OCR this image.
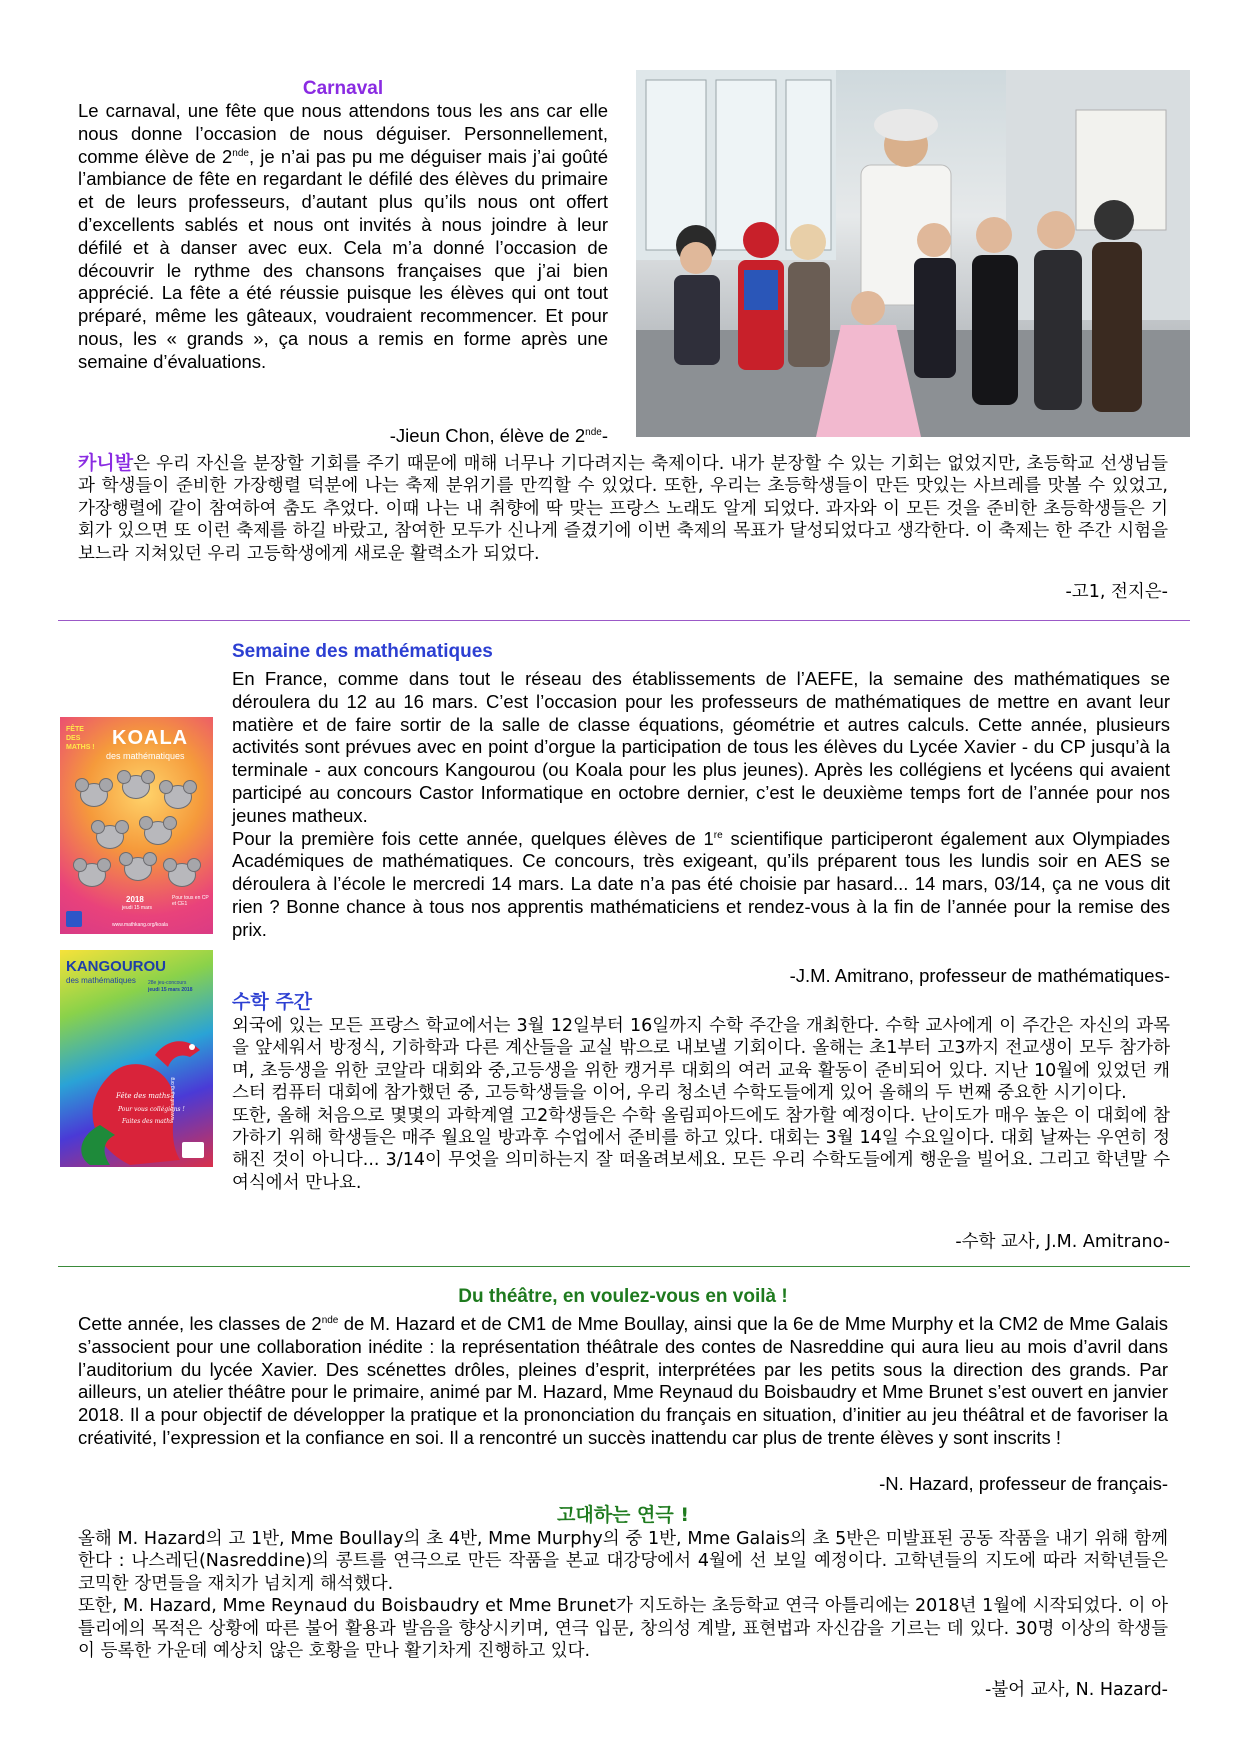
Carnaval
Le carnaval, une fête que nous attendons tous les ans car elle nous donne l’occasion de nous déguiser. Personnellement, comme élève de 2nde, je n’ai pas pu me déguiser mais j’ai goûté l’ambiance de fête en regardant le défilé des élèves du primaire et de leurs professeurs, d’autant plus qu’ils nous ont offert d’excellents sablés et nous ont invités à nous joindre à leur défilé et à danser avec eux. Cela m’a donné l’occasion de découvrir le rythme des chansons françaises que j’ai bien apprécié. La fête a été réussie puisque les élèves qui ont tout préparé, même les gâteaux, voudraient recommencer. Et pour nous, les « grands », ça nous a remis en forme après une semaine d’évaluations.
-Jieun Chon, élève de 2nde-
카니발은 우리 자신을 분장할 기회를 주기 때문에 매해 너무나 기다려지는 축제이다. 내가 분장할 수 있는 기회는 없었지만, 초등학교 선생님들과 학생들이 준비한 가장행렬 덕분에 나는 축제 분위기를 만끽할 수 있었다. 또한, 우리는 초등학생들이 만든 맛있는 사브레를 맛볼 수 있었고, 가장행렬에 같이 참여하여 춤도 추었다. 이때 나는 내 취향에 딱 맞는 프랑스 노래도 알게 되었다. 과자와 이 모든 것을 준비한 초등학생들은 기회가 있으면 또 이런 축제를 하길 바랐고, 참여한 모두가 신나게 즐겼기에 이번 축제의 목표가 달성되었다고 생각한다. 이 축제는 한 주간 시험을 보느라 지쳐있던 우리 고등학생에게 새로운 활력소가 되었다.
-고1, 전지은-
Semaine des mathématiques

En France, comme dans tout le réseau des établissements de l’AEFE, la semaine des mathématiques se déroulera du 12 au 16 mars. C’est l’occasion pour les professeurs de mathématiques de mettre en avant leur matière et de faire sortir de la salle de classe équations, géométrie et autres calculs. Cette année, plusieurs activités sont prévues avec en point d’orgue la participation de tous les élèves du Lycée Xavier - du CP jusqu’à la terminale - aux concours Kangourou (ou Koala pour les plus jeunes). Après les collégiens et lycéens qui avaient participé au concours Castor Informatique en octobre dernier, c’est le deuxième temps fort de l’année pour nos jeunes matheux.

Pour la première fois cette année, quelques élèves de 1re scientifique participeront également aux Olympiades Académiques de mathématiques. Ce concours, très exigeant, qu’ils préparent tous les lundis soir en AES se déroulera à l’école le mercredi 14 mars. La date n’a pas été choisie par hasard... 14 mars, 03/14, ça ne vous dit rien ? Bonne chance à tous nos apprentis mathématiciens et rendez-vous à la fin de l’année pour la remise des prix.

-J.M. Amitrano, professeur de mathématiques-
수학 주간

외국에 있는 모든 프랑스 학교에서는 3월 12일부터 16일까지 수학 주간을 개최한다. 수학 교사에게 이 주간은 자신의 과목을 앞세워서 방정식, 기하학과 다른 계산들을 교실 밖으로 내보낼 기회이다. 올해는 초1부터 고3까지 전교생이 모두 참가하며, 초등생을 위한 코알라 대회와 중,고등생을 위한 캥거루 대회의 여러 교육 활동이 준비되어 있다. 지난 10월에 있었던 캐스터 컴퓨터 대회에 참가했던 중, 고등학생들을 이어, 우리 청소년 수학도들에게 있어 올해의 두 번째 중요한 시기이다.

또한, 올해 처음으로 몇몇의 과학계열 고2학생들은 수학 올림피아드에도 참가할 예정이다. 난이도가 매우 높은 이 대회에 참가하기 위해 학생들은 매주 월요일 방과후 수업에서 준비를 하고 있다. 대회는 3월 14일 수요일이다. 대회 날짜는 우연히 정해진 것이 아니다... 3/14이 무엇을 의미하는지 잘 떠올려보세요. 모든 우리 수학도들에게 행운을 빌어요. 그리고 학년말 수여식에서 만나요.

-수학 교사, J.M. Amitrano-
FÊTE DES MATHS ! KOALA
des mathématiques
2018
jeudi 15 mars
Pour tous en CP et CE1
www.mathkang.org/koala
KANGOUROU
des mathématiques 28e jeu-concours
jeudi 15 mars 2018
Fête des maths !
Pour vous collégiens !
Faites des maths
www.mathkang.org
Du théâtre, en voulez-vous en voilà !
Cette année, les classes de 2nde de M. Hazard et de CM1 de Mme Boullay, ainsi que la 6e de Mme Murphy et la CM2 de Mme Galais s’associent pour une collaboration inédite : la représentation théâtrale des contes de Nasreddine qui aura lieu au mois d’avril dans l’auditorium du lycée Xavier. Des scénettes drôles, pleines d’esprit, interprétées par les petits sous la direction des grands. Par ailleurs, un atelier théâtre pour le primaire, animé par M. Hazard, Mme Reynaud du Boisbaudry et Mme Brunet s’est ouvert en janvier 2018. Il a pour objectif de développer la pratique et la prononciation du français en situation, d’initier au jeu théâtral et de favoriser la créativité, l’expression et la confiance en soi. Il a rencontré un succès inattendu car plus de trente élèves y sont inscrits !
-N. Hazard, professeur de français-
고대하는 연극 !

올해 M. Hazard의 고 1반, Mme Boullay의 초 4반, Mme Murphy의 중 1반, Mme Galais의 초 5반은 미발표된 공동 작품을 내기 위해 함께 한다 : 나스레딘(Nasreddine)의 콩트를 연극으로 만든 작품을 본교 대강당에서 4월에 선 보일 예정이다. 고학년들의 지도에 따라 저학년들은 코믹한 장면들을 재치가 넘치게 해석했다.

또한, M. Hazard, Mme Reynaud du Boisbaudry et Mme Brunet가 지도하는 초등학교 연극 아틀리에는 2018년 1월에 시작되었다. 이 아틀리에의 목적은 상황에 따른 불어 활용과 발음을 향상시키며, 연극 입문, 창의성 계발, 표현법과 자신감을 기르는 데 있다. 30명 이상의 학생들이 등록한 가운데 예상치 않은 호황을 만나 활기차게 진행하고 있다.

-불어 교사, N. Hazard-
